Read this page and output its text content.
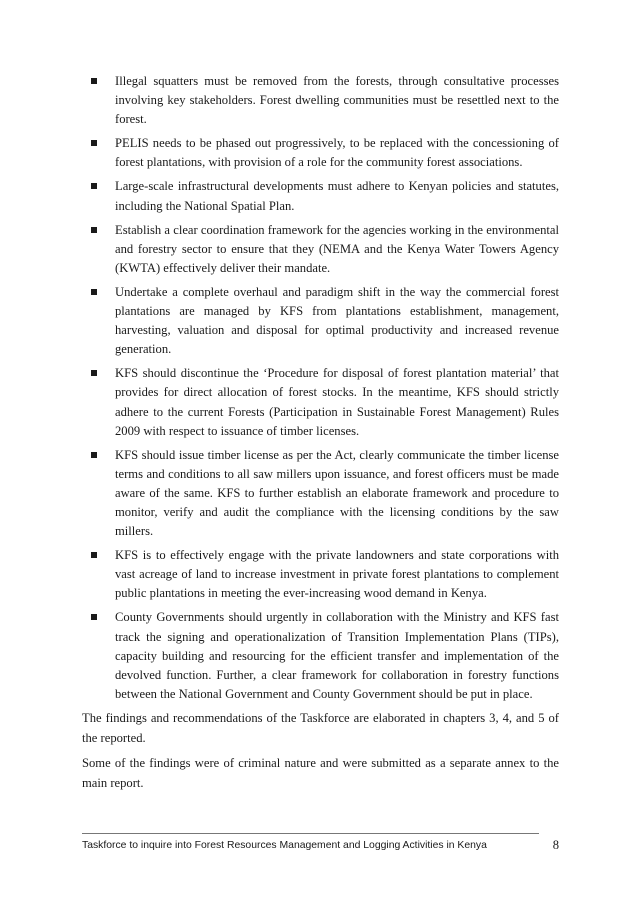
Illegal squatters must be removed from the forests, through consultative processes involving key stakeholders. Forest dwelling communities must be resettled next to the forest.
PELIS needs to be phased out progressively, to be replaced with the concessioning of forest plantations, with provision of a role for the community forest associations.
Large-scale infrastructural developments must adhere to Kenyan policies and statutes, including the National Spatial Plan.
Establish a clear coordination framework for the agencies working in the environmental and forestry sector to ensure that they (NEMA and the Kenya Water Towers Agency (KWTA) effectively deliver their mandate.
Undertake a complete overhaul and paradigm shift in the way the commercial forest plantations are managed by KFS from plantations establishment, management, harvesting, valuation and disposal for optimal productivity and increased revenue generation.
KFS should discontinue the ‘Procedure for disposal of forest plantation material’ that provides for direct allocation of forest stocks. In the meantime, KFS should strictly adhere to the current Forests (Participation in Sustainable Forest Management) Rules 2009 with respect to issuance of timber licenses.
KFS should issue timber license as per the Act, clearly communicate the timber license terms and conditions to all saw millers upon issuance, and forest officers must be made aware of the same. KFS to further establish an elaborate framework and procedure to monitor, verify and audit the compliance with the licensing conditions by the saw millers.
KFS is to effectively engage with the private landowners and state corporations with vast acreage of land to increase investment in private forest plantations to complement public plantations in meeting the ever-increasing wood demand in Kenya.
County Governments should urgently in collaboration with the Ministry and KFS fast track the signing and operationalization of Transition Implementation Plans (TIPs), capacity building and resourcing for the efficient transfer and implementation of the devolved function. Further, a clear framework for collaboration in forestry functions between the National Government and County Government should be put in place.

The findings and recommendations of the Taskforce are elaborated in chapters 3, 4, and 5 of the reported.

Some of the findings were of criminal nature and were submitted as a separate annex to the main report.

Taskforce to inquire into Forest Resources Management and Logging Activities in Kenya	8
